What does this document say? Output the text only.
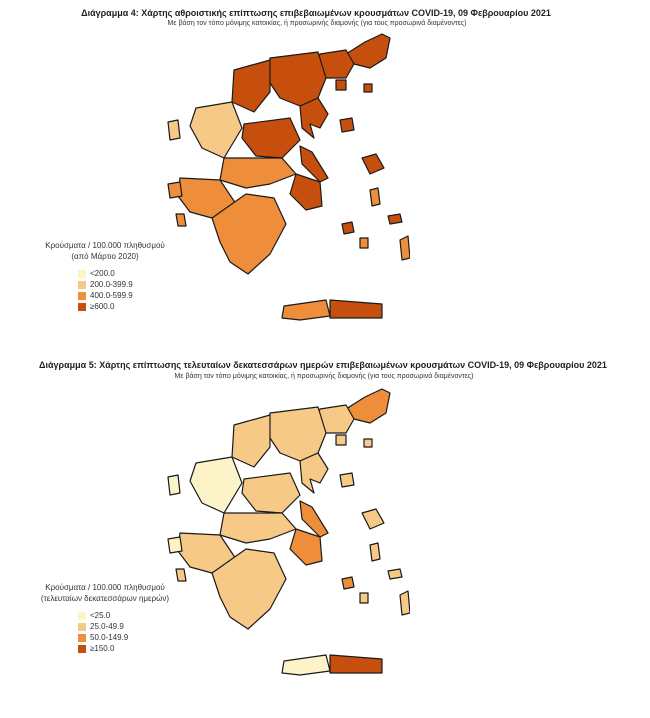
Διάγραμμα 4: Χάρτης αθροιστικής επίπτωσης επιβεβαιωμένων κρουσμάτων COVID-19, 09 Φεβρουαρίου 2021
Με βάση τον τόπο μόνιμης κατοικίας, ή προσωρινής διαμονής (για τους προσωρινά διαμένοντες)
Κρούσματα / 100.000 πληθυσμού
(από Μάρτιο 2020)
<200.0
200.0-399.9
400.0-599.9
≥600.0
Διάγραμμα 5: Χάρτης επίπτωσης τελευταίων δεκατεσσάρων ημερών επιβεβαιωμένων κρουσμάτων COVID-19, 09 Φεβρουαρίου 2021
Με βάση τον τόπο μόνιμης κατοικίας, ή προσωρινής διαμονής (για τους προσωρινά διαμένοντες)
Κρούσματα / 100.000 πληθυσμού
(τελευταίων δεκατεσσάρων ημερών)
<25.0
25.0-49.9
50.0-149.9
≥150.0
